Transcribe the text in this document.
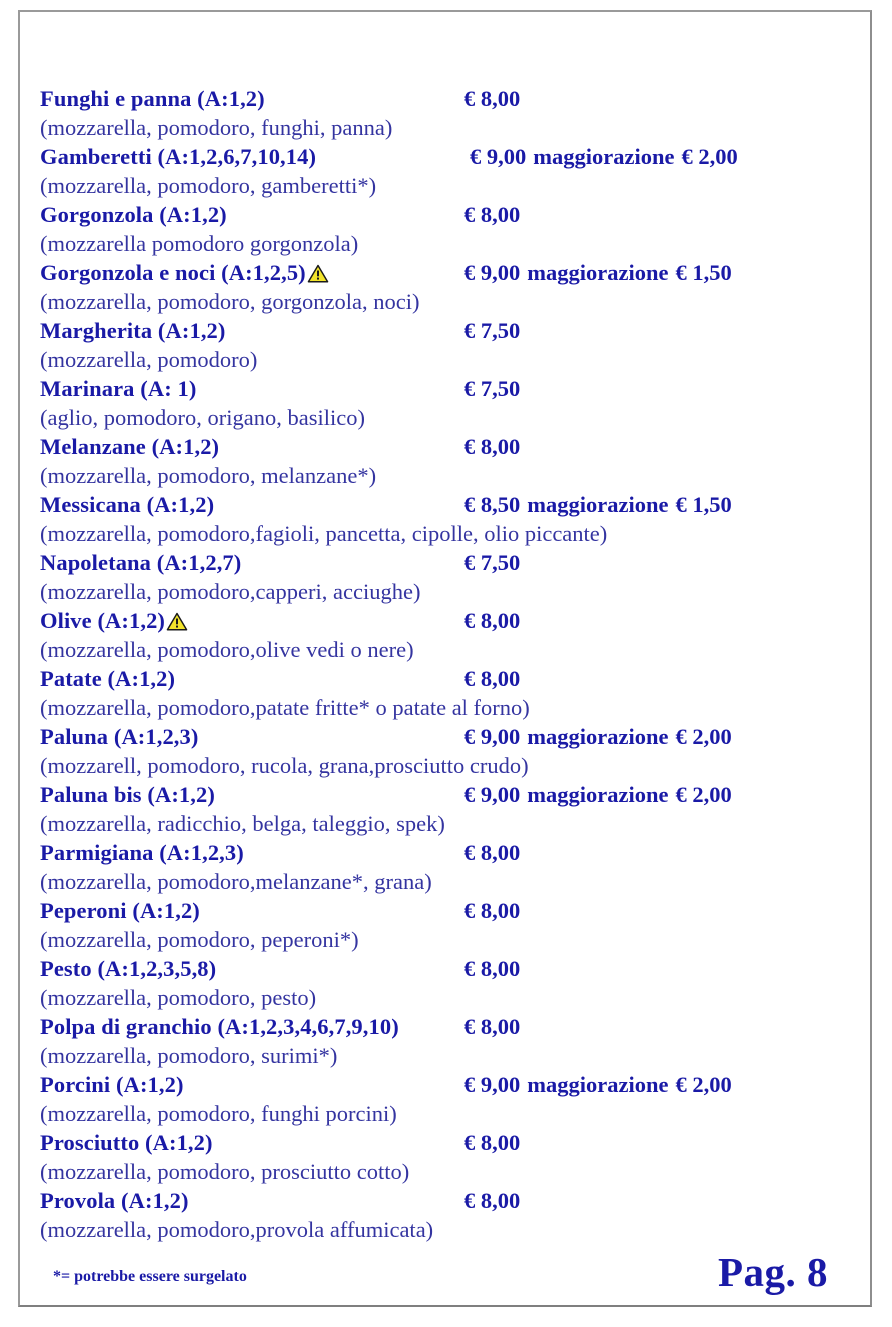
Funghi e panna (A:1,2)	€ 8,00
(mozzarella, pomodoro, funghi, panna)
Gamberetti (A:1,2,6,7,10,14)	€ 9,00 maggiorazione € 2,00
(mozzarella, pomodoro, gamberetti*)
Gorgonzola (A:1,2)	€ 8,00
(mozzarella pomodoro gorgonzola)
Gorgonzola e noci (A:1,2,5)	€ 9,00 maggiorazione € 1,50
(mozzarella, pomodoro, gorgonzola, noci)
Margherita (A:1,2)	€ 7,50
(mozzarella, pomodoro)
Marinara (A: 1)	€ 7,50
(aglio, pomodoro, origano, basilico)
Melanzane (A:1,2)	€ 8,00
(mozzarella, pomodoro, melanzane*)
Messicana (A:1,2)	€ 8,50 maggiorazione € 1,50
(mozzarella, pomodoro,fagioli, pancetta, cipolle, olio piccante)
Napoletana (A:1,2,7)	€ 7,50
(mozzarella, pomodoro,capperi, acciughe)
Olive (A:1,2)	€ 8,00
(mozzarella, pomodoro,olive vedi o nere)
Patate (A:1,2)	€ 8,00
(mozzarella, pomodoro,patate fritte* o patate al forno)
Paluna (A:1,2,3)	€ 9,00 maggiorazione € 2,00
(mozzarell, pomodoro, rucola, grana,prosciutto crudo)
Paluna bis (A:1,2)	€ 9,00 maggiorazione € 2,00
(mozzarella, radicchio, belga, taleggio, spek)
Parmigiana (A:1,2,3)	€ 8,00
(mozzarella, pomodoro,melanzane*, grana)
Peperoni (A:1,2)	€ 8,00
(mozzarella, pomodoro, peperoni*)
Pesto (A:1,2,3,5,8)	€ 8,00
(mozzarella, pomodoro, pesto)
Polpa di granchio (A:1,2,3,4,6,7,9,10)	€ 8,00
(mozzarella, pomodoro, surimi*)
Porcini (A:1,2)	€ 9,00 maggiorazione € 2,00
(mozzarella, pomodoro, funghi porcini)
Prosciutto (A:1,2)	€ 8,00
(mozzarella, pomodoro, prosciutto cotto)
Provola (A:1,2)	€ 8,00
(mozzarella, pomodoro,provola affumicata)
*= potrebbe essere surgelato	Pag. 8
